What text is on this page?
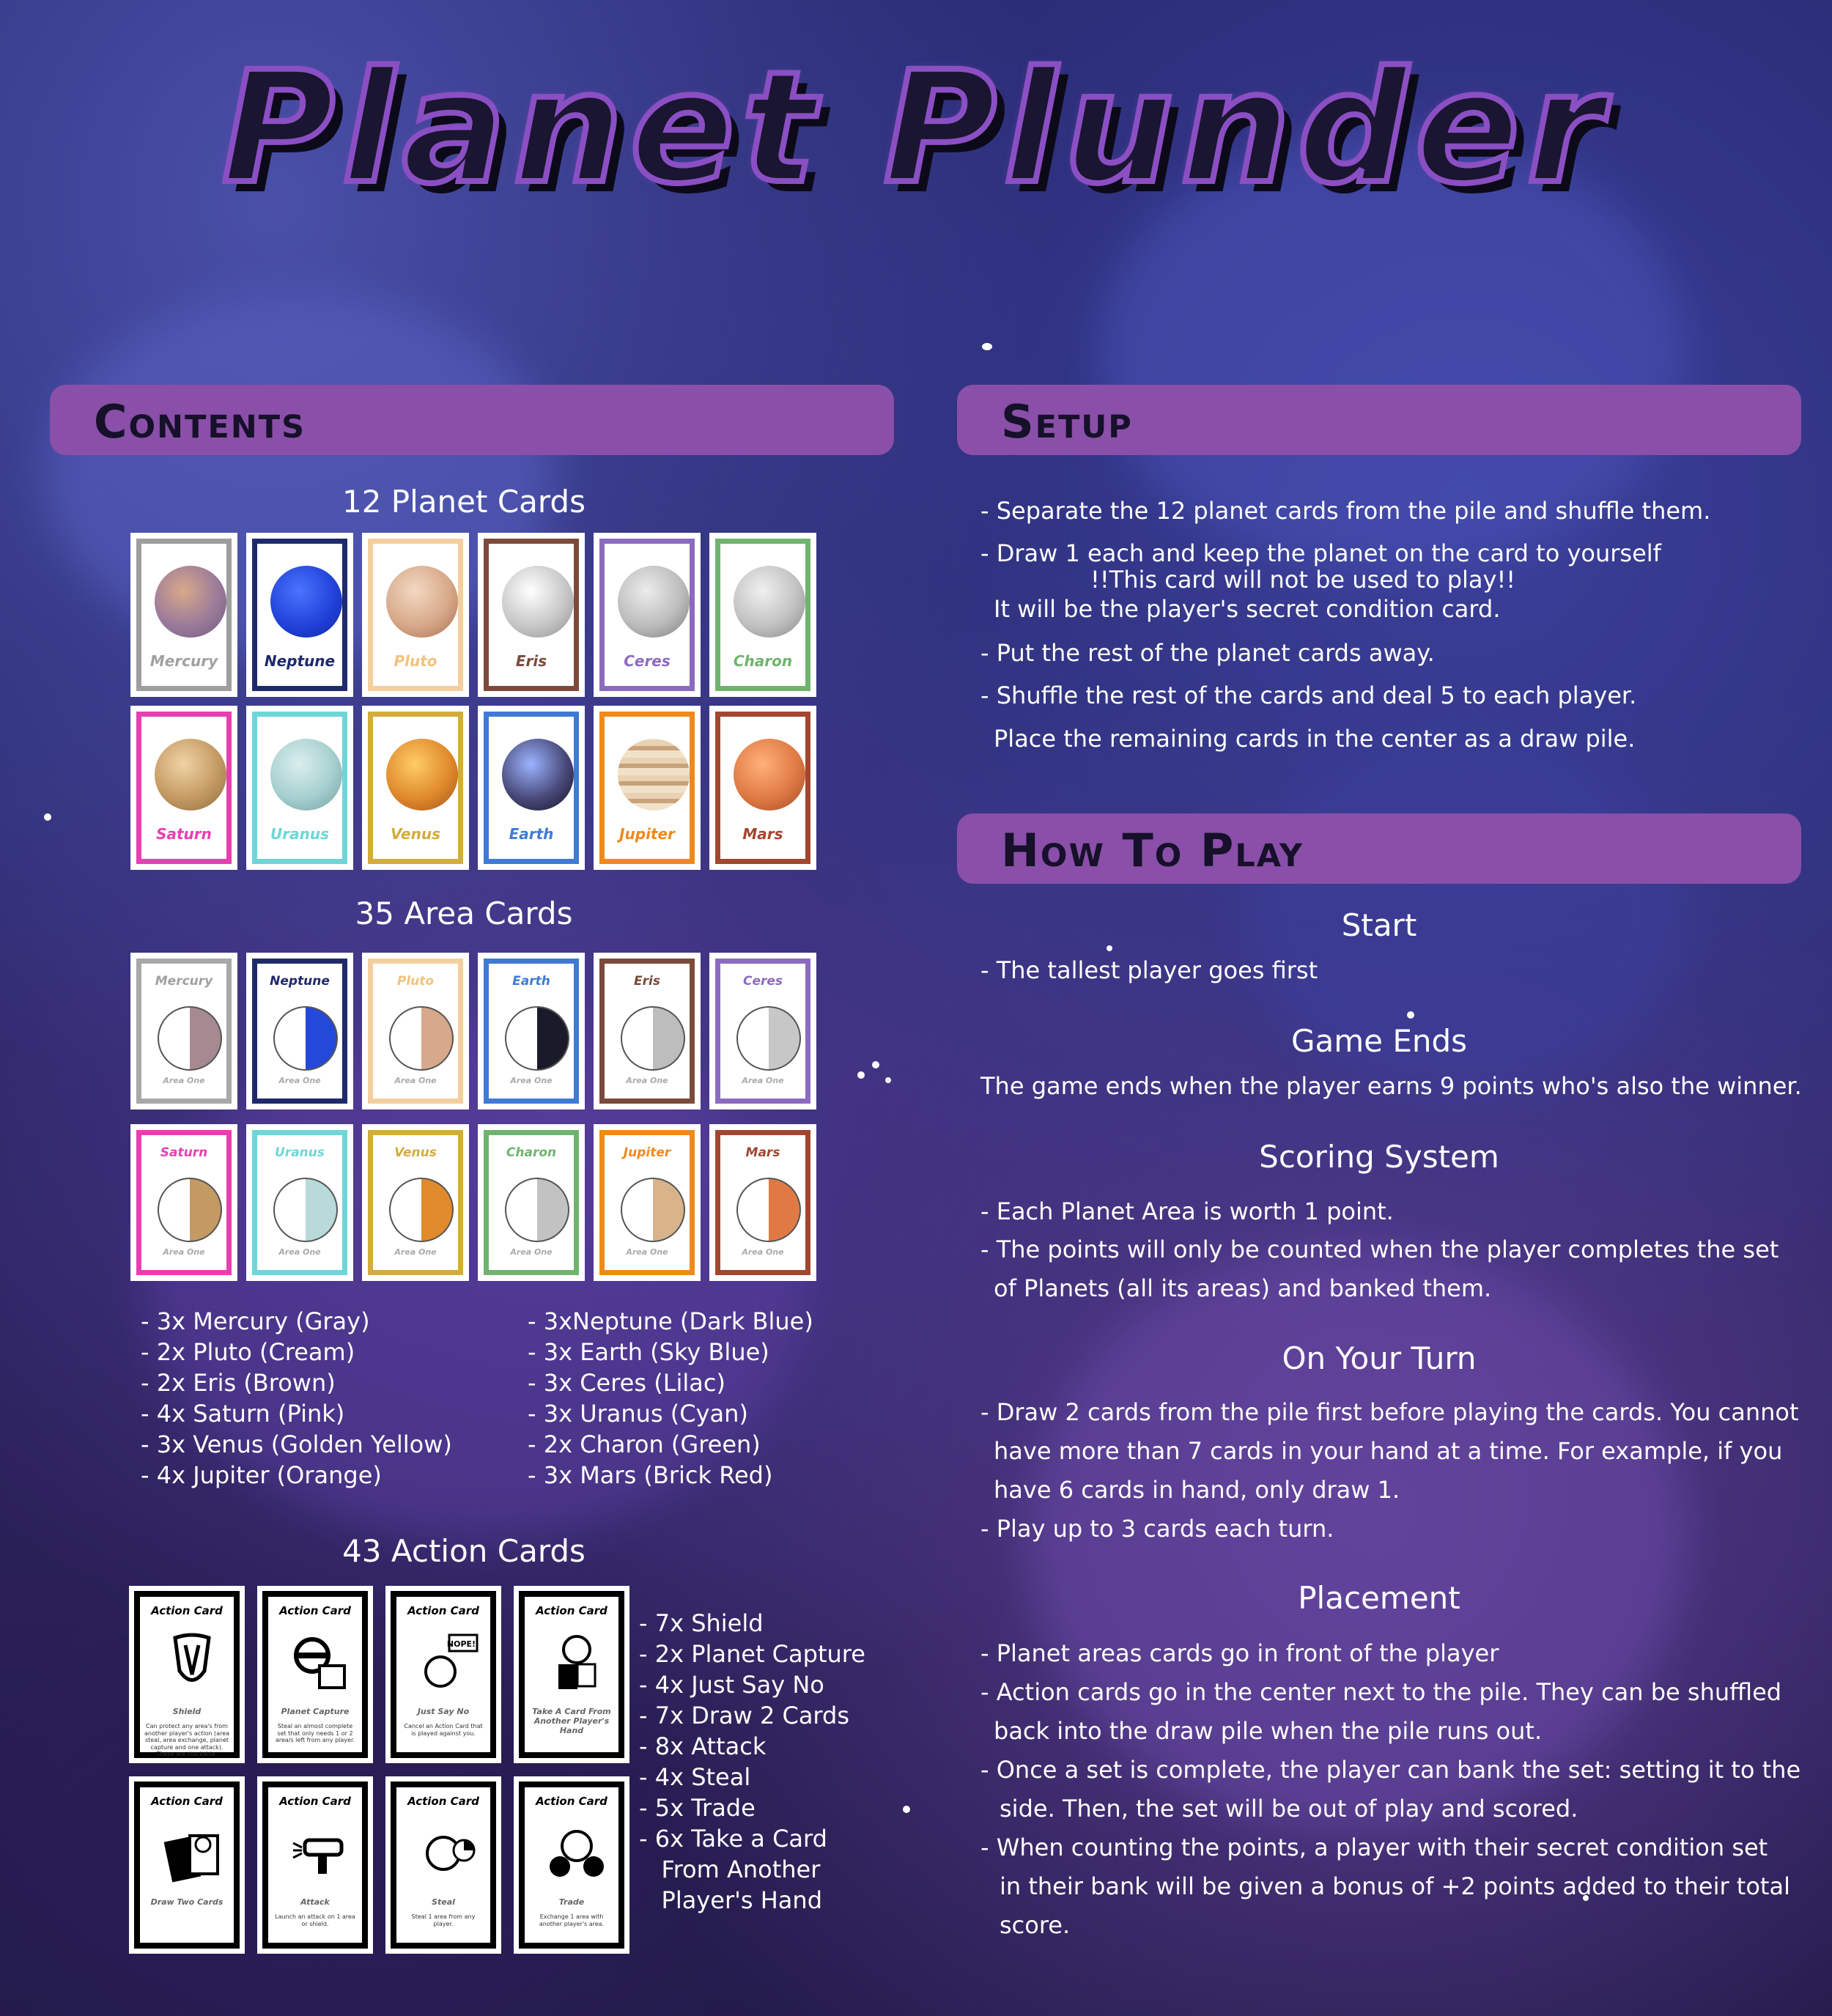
Planet Plunder
Contents	Setup
How To Play
12 Planet Cards
Mercury	Neptune	Pluto	Eris	Ceres	Charon
Saturn	Uranus	Venus	Earth	Jupiter	Mars
35 Area Cards
Mercury
Area One
Neptune
Area One
Pluto
Area One
Earth
Area One
Eris
Area One
Ceres
Area One
Saturn
Area One
Uranus
Area One
Venus
Area One
Charon
Area One
Jupiter
Area One
Mars
Area One
- 3x Mercury (Gray)
- 2x Pluto (Cream)
- 2x Eris (Brown)
- 4x Saturn (Pink)
- 3x Venus (Golden Yellow)
- 4x Jupiter (Orange)
- 3xNeptune (Dark Blue)
- 3x Earth (Sky Blue)
- 3x Ceres (Lilac)
- 3x Uranus (Cyan)
- 2x Charon (Green)
- 3x Mars (Brick Red)
43 Action Cards
Action Card
Shield
Can protect any area's from another player's action (area steal, area exchange, planet capture and one attack). These are stackable.
Action Card
Planet Capture
Steal an almost complete set that only needs 1 or 2 area/s left from any player.
Action Card
NOPE!!
Just Say No
Cancel an Action Card that is played against you.
Action Card
Take A Card From Another Player's Hand
Action Card
Draw Two Cards
Action Card
Attack
Launch an attack on 1 area or shield.
Action Card
Steal
Steal 1 area from any player.
Action Card
Trade
Exchange 1 area with another player's area.
- 7x Shield
- 2x Planet Capture
- 4x Just Say No
- 7x Draw 2 Cards
- 8x Attack
- 4x Steal
- 5x Trade
- 6x Take a Card
From Another
Player's Hand
- Separate the 12 planet cards from the pile and shuffle them.
- Draw 1 each and keep the planet on the card to yourself
!!This card will not be used to play!!
It will be the player's secret condition card.
- Put the rest of the planet cards away.
- Shuffle the rest of the cards and deal 5 to each player.
Place the remaining cards in the center as a draw pile.
Start
- The tallest player goes first
Game Ends
The game ends when the player earns 9 points who's also the winner.
Scoring System
- Each Planet Area is worth 1 point.
- The points will only be counted when the player completes the set
of Planets (all its areas) and banked them.
On Your Turn
- Draw 2 cards from the pile first before playing the cards. You cannot
have more than 7 cards in your hand at a time. For example, if you
have 6 cards in hand, only draw 1.
- Play up to 3 cards each turn.
Placement
- Planet areas cards go in front of the player
- Action cards go in the center next to the pile. They can be shuffled
back into the draw pile when the pile runs out.
- Once a set is complete, the player can bank the set: setting it to the
side. Then, the set will be out of play and scored.
- When counting the points, a player with their secret condition set
in their bank will be given a bonus of +2 points added to their total
score.
